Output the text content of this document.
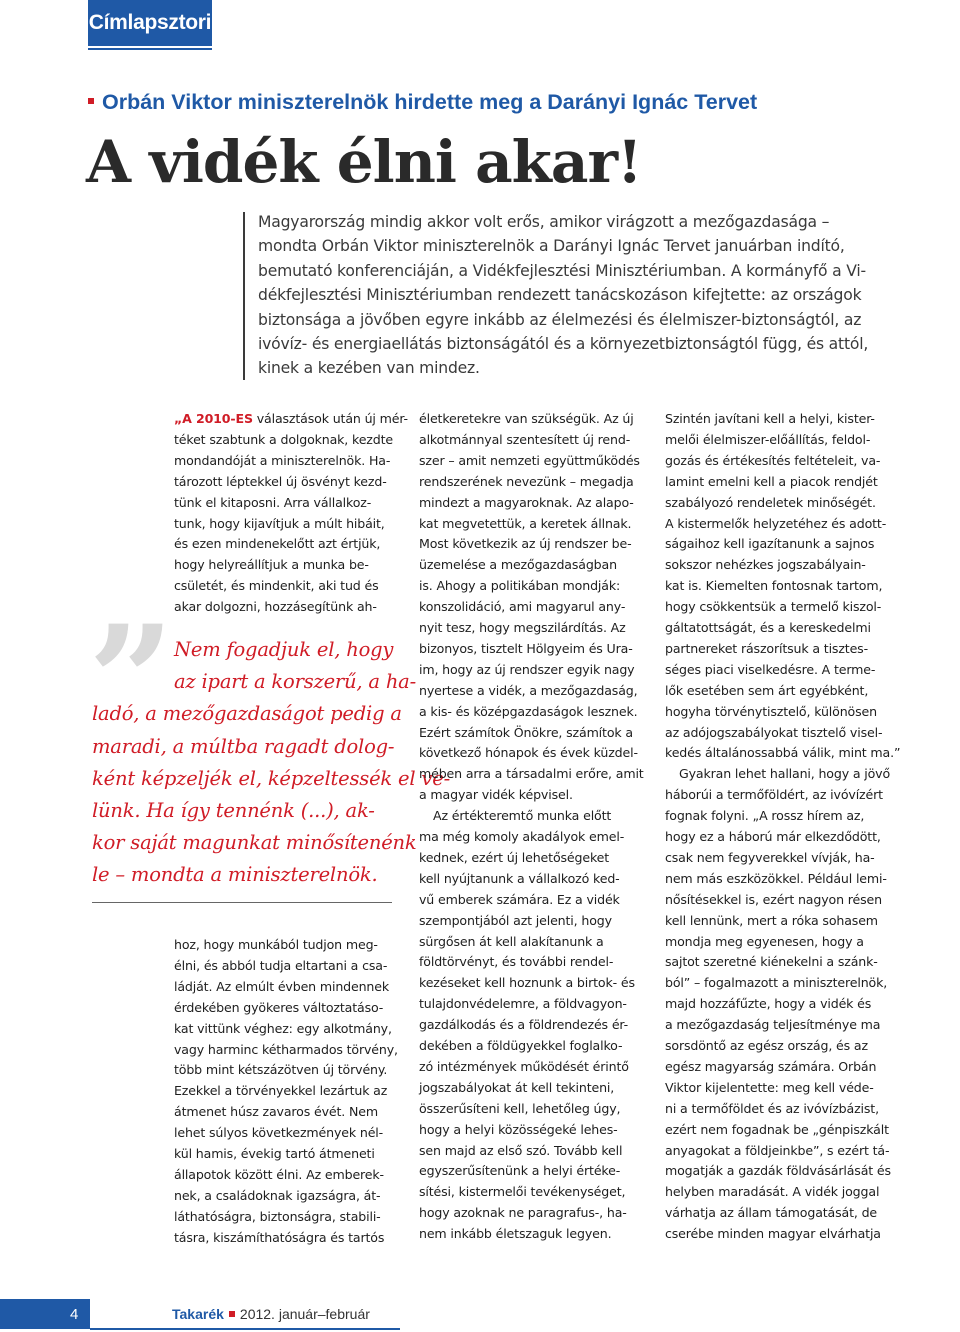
Címlapsztori
Orbán Viktor miniszterelnök hirdette meg a Darányi Ignác Tervet
A vidék élni akar!
Magyarország mindig akkor volt erős, amikor virágzott a mezőgazdasága –
mondta Orbán Viktor miniszterelnök a Darányi Ignác Tervet januárban indító,
bemutató konferenciáján, a Vidékfejlesztési Minisztériumban. A kormányfő a Vi-
dékfejlesztési Minisztériumban rendezett tanácskozáson kifejtette: az országok
biztonsága a jövőben egyre inkább az élelmezési és élelmiszer-biztonságtól, az
ivóvíz- és energiaellátás biztonságától és a környezetbiztonságtól függ, és attól,
kinek a kezében van mindez.
„A 2010-ES választások után új mér-
téket szabtunk a dolgoknak, kezdte
mondandóját a miniszterelnök. Ha-
tározott léptekkel új ösvényt kezd-
tünk el kitaposni. Arra vállalkoz-
tunk, hogy kijavítjuk a múlt hibáit,
és ezen mindenekelőtt azt értjük,
hogy helyreállítjuk a munka be-
csületét, és mindenkit, aki tud és
akar dolgozni, hozzásegítünk ah-
” Nem fogadjuk el, hogy
az ipart a korszerű, a ha-
ladó, a mezőgazdaságot pedig a
maradi, a múltba ragadt dolog-
ként képzeljék el, képzeltessék el ve-
lünk. Ha így tennénk (...), ak-
kor saját magunkat minősítenénk
le – mondta a miniszterelnök.
hoz, hogy munkából tudjon meg-
élni, és abból tudja eltartani a csa-
ládját. Az elmúlt évben mindennek
érdekében gyökeres változtatáso-
kat vittünk véghez: egy alkotmány,
vagy harminc kétharmados törvény,
több mint kétszázötven új törvény.
Ezekkel a törvényekkel lezártuk az
átmenet húsz zavaros évét. Nem
lehet súlyos következmények nél-
kül hamis, évekig tartó átmeneti
állapotok között élni. Az emberek-
nek, a családoknak igazságra, át-
láthatóságra, biztonságra, stabili-
tásra, kiszámíthatóságra és tartós
életkeretekre van szükségük. Az új
alkotmánnyal szentesített új rend-
szer – amit nemzeti együttműködés
rendszerének nevezünk – megadja
mindezt a magyaroknak. Az alapo-
kat megvetettük, a keretek állnak.
Most következik az új rendszer be-
üzemelése a mezőgazdaságban
is. Ahogy a politikában mondják:
konszolidáció, ami magyarul any-
nyit tesz, hogy megszilárdítás. Az
bizonyos, tisztelt Hölgyeim és Ura-
im, hogy az új rendszer egyik nagy
nyertese a vidék, a mezőgazdaság,
a kis- és középgazdaságok lesznek.
Ezért számítok Önökre, számítok a
következő hónapok és évek küzdel-
mében arra a társadalmi erőre, amit
a magyar vidék képvisel.
Az értékteremtő munka előtt
ma még komoly akadályok emel-
kednek, ezért új lehetőségeket
kell nyújtanunk a vállalkozó ked-
vű emberek számára. Ez a vidék
szempontjából azt jelenti, hogy
sürgősen át kell alakítanunk a
földtörvényt, és további rendel-
kezéseket kell hoznunk a birtok- és
tulajdonvédelemre, a földvagyon-
gazdálkodás és a földrendezés ér-
dekében a földügyekkel foglalko-
zó intézmények működését érintő
jogszabályokat át kell tekinteni,
összerűsíteni kell, lehetőleg úgy,
hogy a helyi közösségeké lehes-
sen majd az első szó. Tovább kell
egyszerűsítenünk a helyi értéke-
sítési, kistermelői tevékenységet,
hogy azoknak ne paragrafus-, ha-
nem inkább életszaguk legyen.
Szintén javítani kell a helyi, kister-
melői élelmiszer-előállítás, feldol-
gozás és értékesítés feltételeit, va-
lamint emelni kell a piacok rendjét
szabályozó rendeletek minőségét.
A kistermelők helyzetéhez és adott-
ságaihoz kell igazítanunk a sajnos
sokszor nehézkes jogszabályain-
kat is. Kiemelten fontosnak tartom,
hogy csökkentsük a termelő kiszol-
gáltatottságát, és a kereskedelmi
partnereket rászorítsuk a tisztes-
séges piaci viselkedésre. A terme-
lők esetében sem árt egyébként,
hogyha törvénytisztelő, különösen
az adójogszabályokat tisztelő visel-
kedés általánossabbá válik, mint ma.”
Gyakran lehet hallani, hogy a jövő
háborúi a termőföldért, az ivóvízért
fognak folyni. „A rossz hírem az,
hogy ez a háború már elkezdődött,
csak nem fegyverekkel vívják, ha-
nem más eszközökkel. Például lemi-
nősítésekkel is, ezért nagyon résen
kell lennünk, mert a róka sohasem
mondja meg egyenesen, hogy a
sajtot szeretné kiénekelni a szánk-
ból” – fogalmazott a miniszterelnök,
majd hozzáfűzte, hogy a vidék és
a mezőgazdaság teljesítménye ma
sorsdöntő az egész ország, és az
egész magyarság számára. Orbán
Viktor kijelentette: meg kell véde-
ni a termőföldet és az ivóvízbázist,
ezért nem fogadnak be „génpiszkált
anyagokat a földjeinkbe”, s ezért tá-
mogatják a gazdák földvásárlását és
helyben maradását. A vidék joggal
várhatja az állam támogatását, de
cserébe minden magyar elvárhatja
4	Takarék 2012. január–február
